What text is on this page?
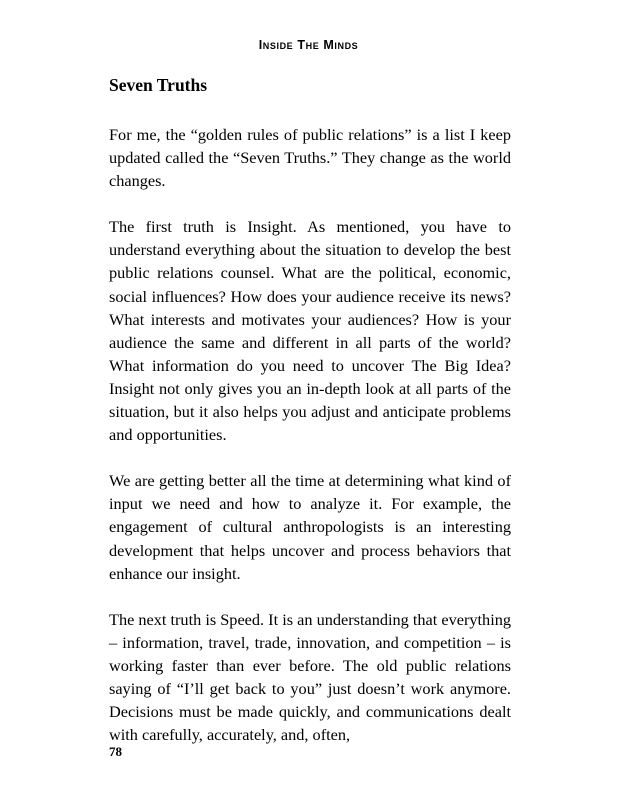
Inside The Minds
Seven Truths

For me, the “golden rules of public relations” is a list I keep updated called the “Seven Truths.” They change as the world changes.

The first truth is Insight. As mentioned, you have to understand everything about the situation to develop the best public relations counsel. What are the political, economic, social influences? How does your audience receive its news? What interests and motivates your audiences? How is your audience the same and different in all parts of the world? What information do you need to uncover The Big Idea? Insight not only gives you an in-depth look at all parts of the situation, but it also helps you adjust and anticipate problems and opportunities.

We are getting better all the time at determining what kind of input we need and how to analyze it. For example, the engagement of cultural anthropologists is an interesting development that helps uncover and process behaviors that enhance our insight.

The next truth is Speed. It is an understanding that everything – information, travel, trade, innovation, and competition – is working faster than ever before. The old public relations saying of “I’ll get back to you” just doesn’t work anymore. Decisions must be made quickly, and communications dealt with carefully, accurately, and, often,

78
